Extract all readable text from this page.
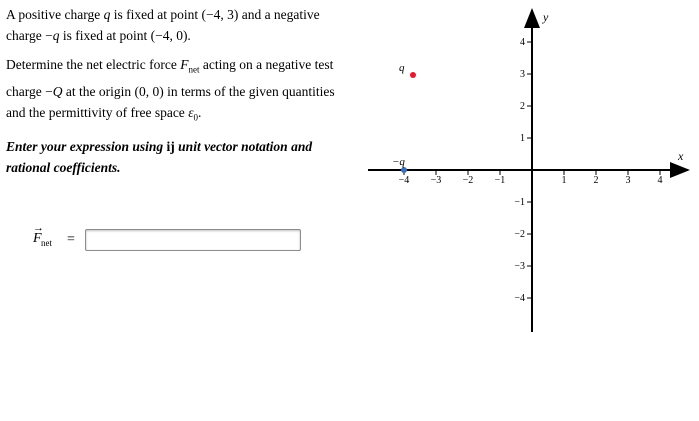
A positive charge q is fixed at point (−4, 3) and a negative charge −q is fixed at point (−4, 0).

Determine the net electric force $F_{net}$ acting on a negative test charge −Q at the origin (0, 0) in terms of the given quantities and the permittivity of free space $\varepsilon_0$.

Enter your expression using ij unit vector notation and rational coefficients.

→
F net =
x
y
−4 −3 −2 −1	1	2	3	4
4
3
2
1
−1
−2
−3
−4
q
−q
